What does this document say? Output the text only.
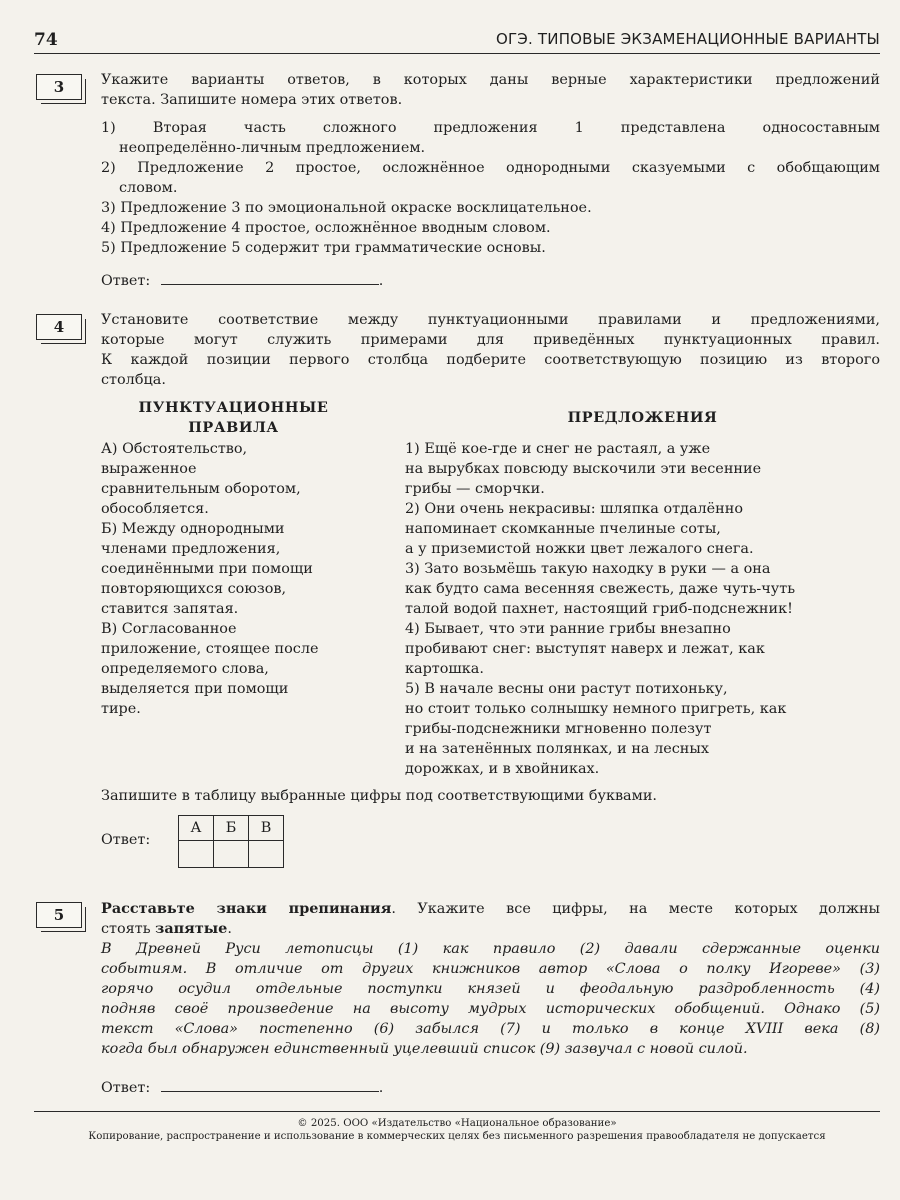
74	ОГЭ. ТИПОВЫЕ ЭКЗАМЕНАЦИОННЫЕ ВАРИАНТЫ
3	Укажите варианты ответов, в которых даны верные характеристики предложений

текста. Запишите номера этих ответов.

1) Вторая часть сложного предложения 1 представлена односоставным

неопределённо-личным предложением.

2) Предложение 2 простое, осложнённое однородными сказуемыми с обобщающим

словом.

3) Предложение 3 по эмоциональной окраске восклицательное.

4) Предложение 4 простое, осложнённое вводным словом.

5) Предложение 5 содержит три грамматические основы.

Ответ:	.

4	Установите соответствие между пунктуационными правилами и предложениями,

которые могут служить примерами для приведённых пунктуационных правил.

К каждой позиции первого столбца подберите соответствующую позицию из второго

столбца.

ПУНКТУАЦИОННЫЕ
ПРАВИЛА
ПРЕДЛОЖЕНИЯ
А) Обстоятельство,
выраженное
сравнительным оборотом,
обособляется.
Б) Между однородными
членами предложения,
соединёнными при помощи
повторяющихся союзов,
ставится запятая.
В) Согласованное
приложение, стоящее после
определяемого слова,
выделяется при помощи
тире.
1) Ещё кое-где и снег не растаял, а уже
на вырубках повсюду выскочили эти весенние
грибы — сморчки.
2) Они очень некрасивы: шляпка отдалённо
напоминает скомканные пчелиные соты,
а у приземистой ножки цвет лежалого снега.
3) Зато возьмёшь такую находку в руки — а она
как будто сама весенняя свежесть, даже чуть-чуть
талой водой пахнет, настоящий гриб-подснежник!
4) Бывает, что эти ранние грибы внезапно
пробивают снег: выступят наверх и лежат, как
картошка.
5) В начале весны они растут потихоньку,
но стоит только солнышку немного пригреть, как
грибы-подснежники мгновенно полезут
и на затенённых полянках, и на лесных
дорожках, и в хвойниках.
Запишите в таблицу выбранные цифры под соответствующими буквами.
Ответ:
А	Б	В

5	Расставьте знаки препинания. Укажите все цифры, на месте которых должны

стоять запятые.

В Древней Руси летописцы (1) как правило (2) давали сдержанные оценки

событиям. В отличие от других книжников автор «Слова о полку Игореве» (3)

горячо осудил отдельные поступки князей и феодальную раздробленность (4)

подняв своё произведение на высоту мудрых исторических обобщений. Однако (5)

текст «Слова» постепенно (6) забылся (7) и только в конце XVIII века (8)

когда был обнаружен единственный уцелевший список (9) зазвучал с новой силой.

Ответ:	.

© 2025. ООО «Издательство «Национальное образование»
Копирование, распространение и использование в коммерческих целях без письменного разрешения правообладателя не допускается
